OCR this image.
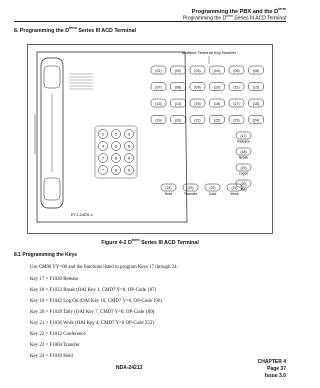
Programming the PBX and the $D^{term}$
Programming the $D^{term}$ Series III ACD Terminal
8. Programming the $D^{term}$ Series III ACD Terminal
Multiline Terminal Key Number
(01)	(02)	(03)	(04)	(05)	(06)
(07)	(08)	(09)	(10)	(11)	(12)
(13)	(14)	(15)	(16)	(17)	(18)
(19)	(20)	(21)	(22)	(23)	(24)
(17)
Release
(18)
Break
(19)
Logon
(20)
Tally
1	2	3
4	5	6
7	8	9
*	0	#
(24)
Hold
(23)
Transfer
(22)
Conf
(21)
Work
ETJ-24DS-1
Figure 4-2 $D^{term}$ Series III ACD Terminal
8.1 Programming the Keys
Use CM90 YY=00 and the functions listed to program Keys 17 through 24.
Key 17 = F1020 Release
Key 18 = F1033 Break (OAI Key 1, CMD7 Y=0, OP-Code 187)
Key 19 = F1042 Log On (OAI Key 10, CMD7 Y=0, OP-Code 196)
Key 20 = F1039 Tally (OAI Key 7, CMD7 Y=0, OP-Code 189)
Key 21 = F1036 Work (OAI Key 4, CMD7 Y=0 OP-Code 253)
Key 22 = F1012 Conference
Key 23 = F1004 Transfer
Key 24 = F1010 Hold
NDA-24213
CHAPTER 4
Page 37
Issue 3.0
